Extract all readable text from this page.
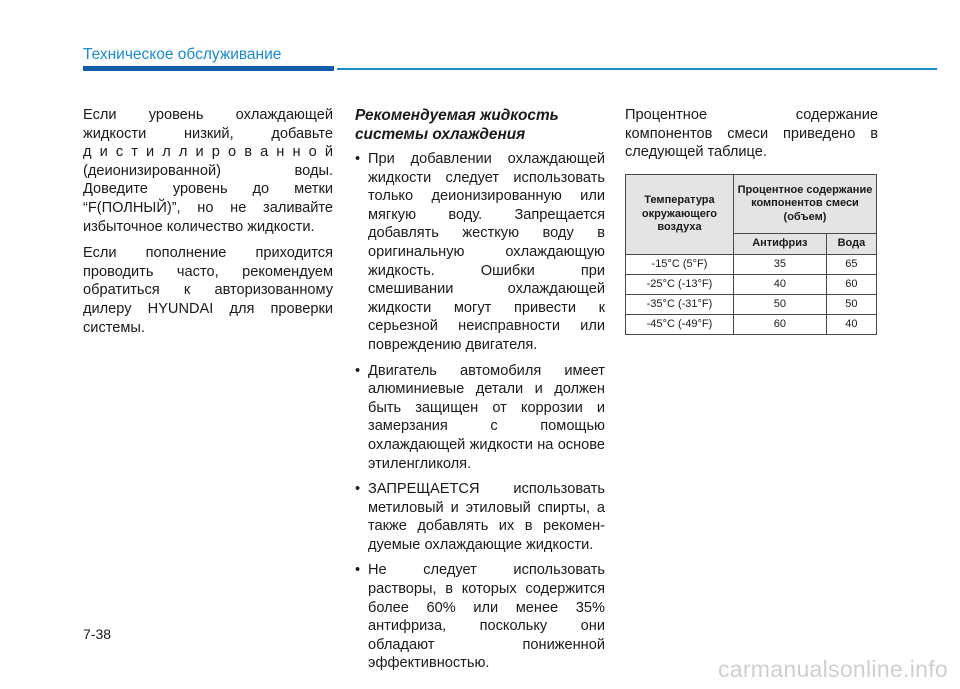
Техническое обслуживание
Если уровень охлаждающей
жидкости низкий, добавьте
д и с т и л л и р о в а н н о й
(деионизированной) воды.
Доведите уровень до метки
“F(ПОЛНЫЙ)”, но не заливайте
избыточное количество жидкости.

Если пополнение приходится проводить часто, рекомендуем обратиться к авторизованному дилеру HYUNDAI для проверки системы.

Рекомендуемая жидкость системы охлаждения
• При добавлении охлаждающей жидкости следует использовать только деионизированную или мягкую воду. Запрещается добавлять жесткую воду в оригинальную охлаждающую жидкость. Ошибки при смешивании охлаждающей жидкости могут привести к серьезной неисправности или повреждению двигателя.
• Двигатель автомобиля имеет алюминиевые детали и должен быть защищен от коррозии и замерзания с помощью охлаждающей жидкости на основе этиленгликоля.
• ЗАПРЕЩАЕТСЯ использовать метиловый и этиловый спирты, а также добавлять их в рекомен-дуемые охлаждающие жидкости.
• Не следует использовать растворы, в которых содержится более 60% или менее 35% антифриза, поскольку они обладают пониженной эффективностью.

Процентное содержание компонентов смеси приведено в следующей таблице.

Температура окружающего воздуха	Процентное содержание компонентов смеси (объем)	
	Антифриз	Вода
-15°C (5°F)	35	65
-25°C (-13°F)	40	60
-35°C (-31°F)	50	50
-45°C (-49°F)	60	40
7-38
carmanualsonline.info
